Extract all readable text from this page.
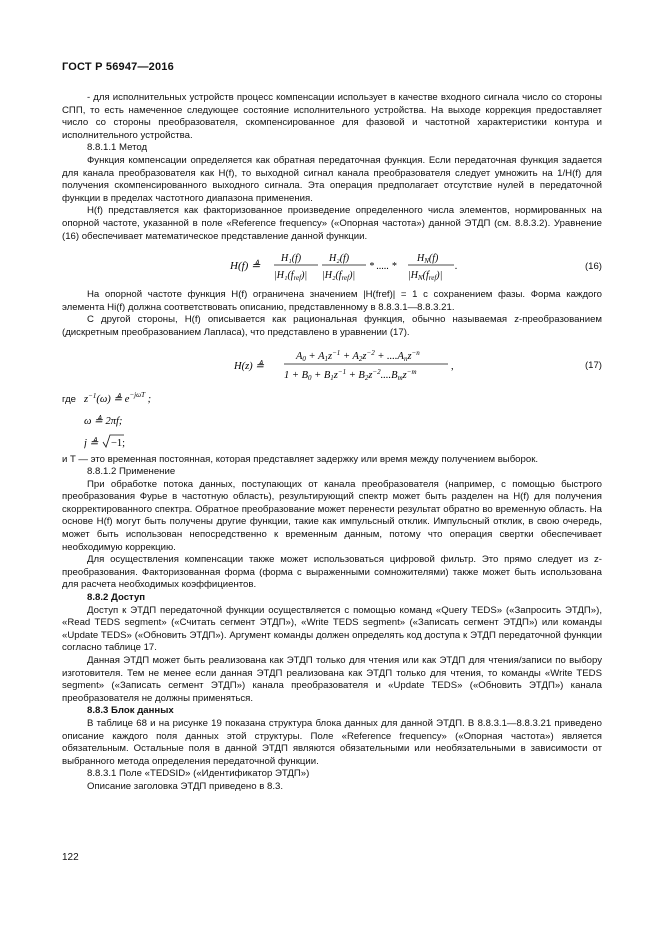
ГОСТ Р 56947—2016

- для исполнительных устройств процесс компенсации использует в качестве входного сигнала число со стороны СПП, то есть намеченное следующее состояние исполнительного устройства. На выходе коррекция предоставляет число со стороны преобразователя, скомпенсированное для фазовой и частотной характеристики контура и исполнительного устройства.

8.8.1.1 Метод

Функция компенсации определяется как обратная передаточная функция. Если передаточная функция задается для канала преобразователя как H(f), то выходной сигнал канала преобразователя следует умножить на 1/H(f) для получения скомпенсированного выходного сигнала. Эта операция предполагает отсутствие нулей в передаточной функции в пределах частотного диапазона применения.

H(f) представляется как факторизованное произведение определенного числа элементов, нормированных на опорной частоте, указанной в поле «Reference frequency» («Опорная частота») данной ЭТДП (см. 8.8.3.2). Уравнение (16) обеспечивает математическое представление данной функции.

H(f) ≜
H₁(f)
$|H_1(f_{ref})|$
H₂(f)
$|H_2(f_{ref})|$
* ..... *
$H_N(f)$
$|H_N(f_{ref})|$
.	(16)

На опорной частоте функция H(f) ограничена значением |H(fref)| = 1 с сохранением фазы. Форма каждого элемента Hi(f) должна соответствовать описанию, представленному в 8.8.3.1—8.8.3.21.

С другой стороны, H(f) описывается как рациональная функция, обычно называемая z-преобразованием (дискретным преобразованием Лапласа), что представлено в уравнении (17).

H(z) ≜
$A0 + A1z^{-1} + A2z^{-2} + ....Anz^{-n}$
$1 + B0 + B1z^{-1} + B2z^{-2}....Bmz^{-m}$	,	(17)
где $z^{-1}(\omega)$ ≜ $e^{-j\omega T}$ ;
ω ≜ 2πf;
j ≜ −1;

и T — это временная постоянная, которая представляет задержку или время между получением выборок.

8.8.1.2 Применение

При обработке потока данных, поступающих от канала преобразователя (например, с помощью быстрого преобразования Фурье в частотную область), результирующий спектр может быть разделен на H(f) для получения скорректированного спектра. Обратное преобразование может перенести результат обратно во временную область. На основе H(f) могут быть получены другие функции, такие как импульсный отклик. Импульсный отклик, в свою очередь, может быть использован непосредственно к временным данным, потому что операция свертки обеспечивает необходимую коррекцию.

Для осуществления компенсации также может использоваться цифровой фильтр. Это прямо следует из z-преобразования. Факторизованная форма (форма с выраженными сомножителями) также может быть использована для расчета необходимых коэффициентов.

8.8.2 Доступ

Доступ к ЭТДП передаточной функции осуществляется с помощью команд «Query TEDS» («Запросить ЭТДП»), «Read TEDS segment» («Считать сегмент ЭТДП»), «Write TEDS segment» («Записать сегмент ЭТДП») или команды «Update TEDS» («Обновить ЭТДП»). Аргумент команды должен определять код доступа к ЭТДП передаточной функции согласно таблице 17.

Данная ЭТДП может быть реализована как ЭТДП только для чтения или как ЭТДП для чтения/записи по выбору изготовителя. Тем не менее если данная ЭТДП реализована как ЭТДП только для чтения, то команды «Write TEDS segment» («Записать сегмент ЭТДП») канала преобразователя и «Update TEDS» («Обновить ЭТДП») канала преобразователя не должны применяться.

8.8.3 Блок данных

В таблице 68 и на рисунке 19 показана структура блока данных для данной ЭТДП. В 8.8.3.1—8.8.3.21 приведено описание каждого поля данных этой структуры. Поле «Reference frequency» («Опорная частота») является обязательным. Остальные поля в данной ЭТДП являются обязательными или необязательными в зависимости от выбранного метода определения передаточной функции.

8.8.3.1 Поле «TEDSID» («Идентификатор ЭТДП»)

Описание заголовка ЭТДП приведено в 8.3.

122
